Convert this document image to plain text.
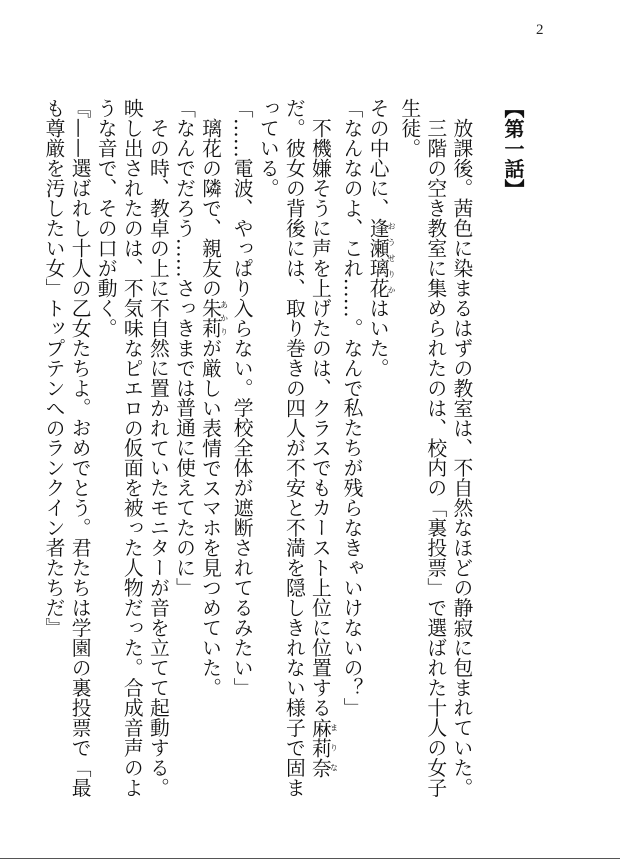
2

【第一話】

放課後。茜色に染まるはずの教室は、不自然なほどの静寂に包まれていた。

三階の空き教室に集められたのは、校内の「裏投票」で選ばれた十人の女子生徒。

その中心に、逢瀬璃花おうせりかはいた。

「なんなのよ、これ……。なんで私たちが残らなきゃいけないの？」

不機嫌そうに声を上げたのは、クラスでもカースト上位に位置する麻莉奈まりなだ。彼女の背後には、取り巻きの四人が不安と不満を隠しきれない様子で固まっている。

「……電波、やっぱり入らない。学校全体が遮断されてるみたい」

璃花の隣で、親友の朱莉あかりが厳しい表情でスマホを見つめていた。

「なんでだろう……さっきまでは普通に使えてたのに」

その時、教卓の上に不自然に置かれていたモニターが音を立てて起動する。映し出されたのは、不気味なピエロの仮面を被った人物だった。合成音声のような音で、その口が動く。

『——選ばれし十人の乙女たちよ。おめでとう。君たちは学園の裏投票で「最も尊厳を汚したい女」トップテンへのランクイン者たちだ』
